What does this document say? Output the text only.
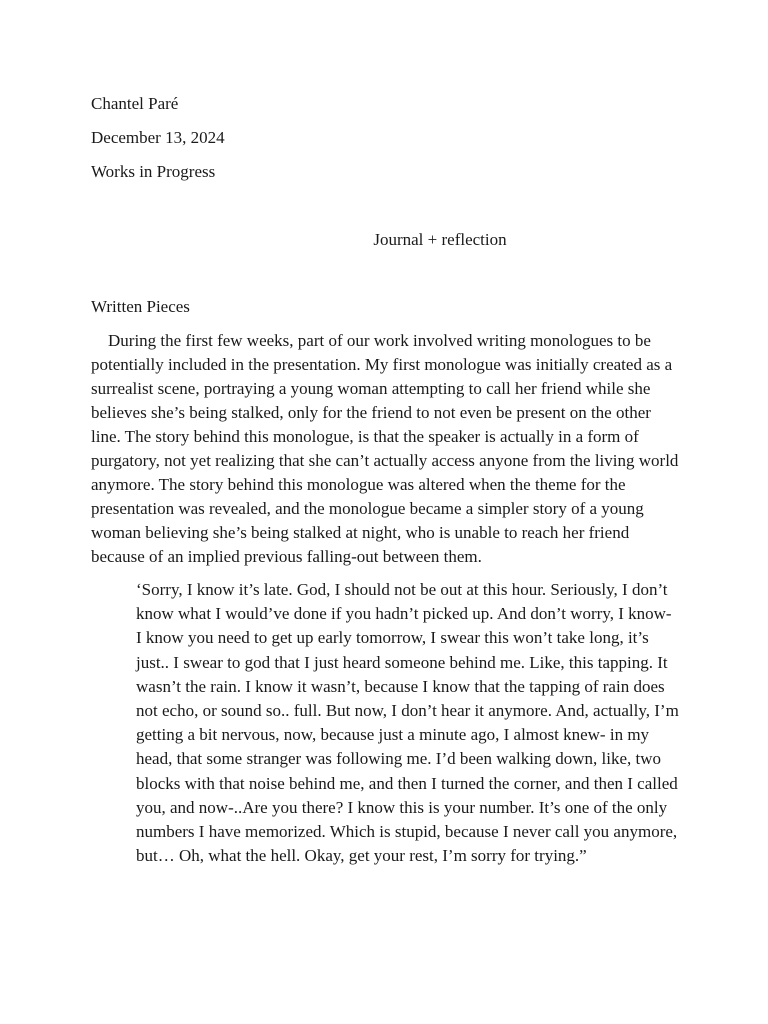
Chantel Paré
December 13, 2024
Works in Progress
Journal + reflection
Written Pieces

During the first few weeks, part of our work involved writing monologues to be potentially included in the presentation. My first monologue was initially created as a surrealist scene, portraying a young woman attempting to call her friend while she believes she’s being stalked, only for the friend to not even be present on the other line. The story behind this monologue, is that the speaker is actually in a form of purgatory, not yet realizing that she can’t actually access anyone from the living world anymore. The story behind this monologue was altered when the theme for the presentation was revealed, and the monologue became a simpler story of a young woman believing she’s being stalked at night, who is unable to reach her friend because of an implied previous falling-out between them.

‘Sorry, I know it’s late. God, I should not be out at this hour. Seriously, I don’t know what I would’ve done if you hadn’t picked up. And don’t worry, I know- I know you need to get up early tomorrow, I swear this won’t take long, it’s just.. I swear to god that I just heard someone behind me. Like, this tapping. It wasn’t the rain. I know it wasn’t, because I know that the tapping of rain does not echo, or sound so.. full. But now, I don’t hear it anymore. And, actually, I’m getting a bit nervous, now, because just a minute ago, I almost knew- in my head, that some stranger was following me. I’d been walking down, like, two blocks with that noise behind me, and then I turned the corner, and then I called you, and now-..Are you there? I know this is your number. It’s one of the only numbers I have memorized. Which is stupid, because I never call you anymore, but… Oh, what the hell. Okay, get your rest, I’m sorry for trying.”
